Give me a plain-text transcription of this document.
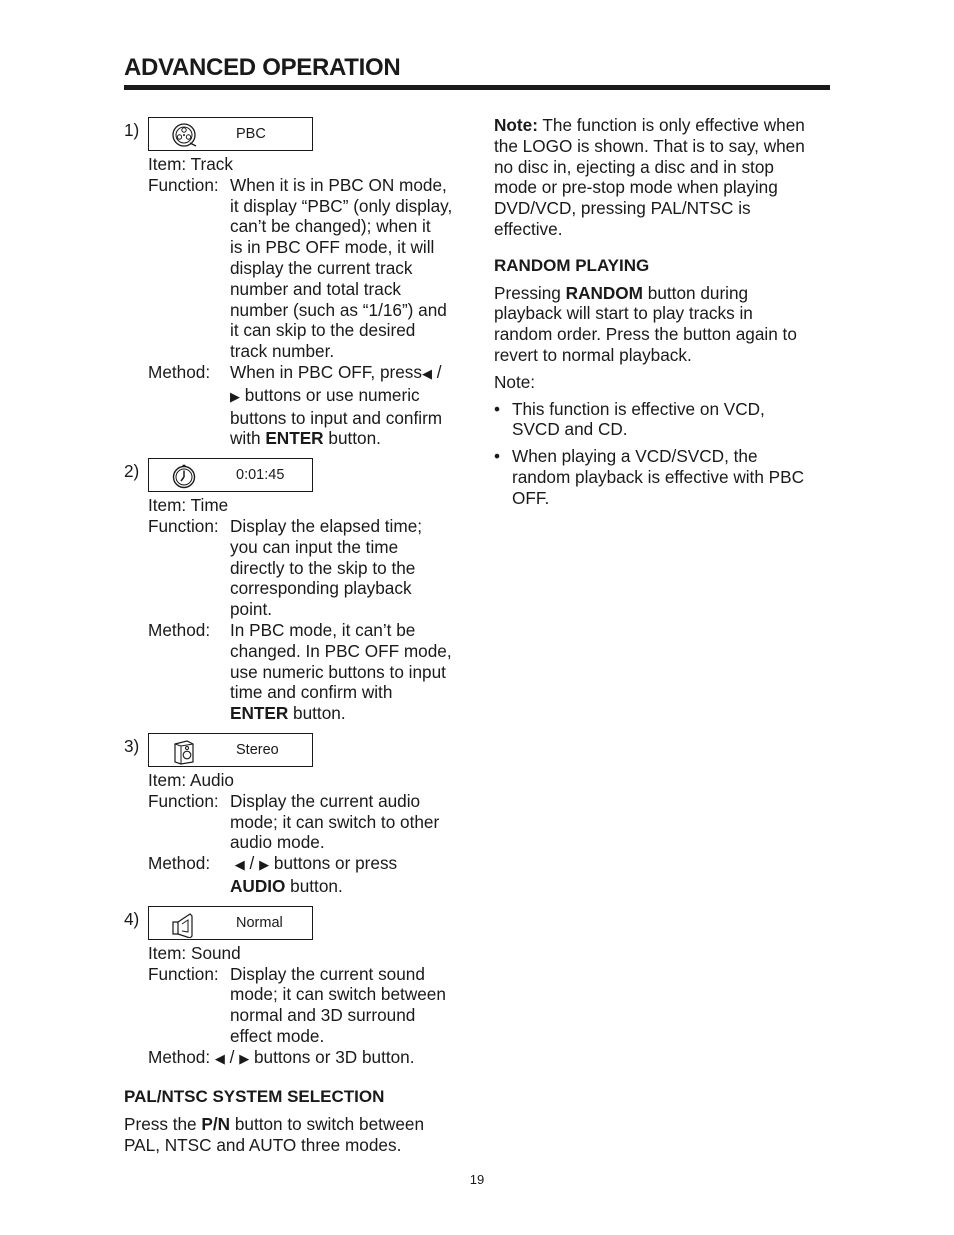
ADVANCED OPERATION
1)	PBC
Item: Track
Function: When it is in PBC ON mode,
it display “PBC” (only display,
can’t be changed); when it
is in PBC OFF mode, it will
display the current track
number and total track
number (such as “1/16”) and
it can skip to the desired
track number.
Method:	When in PBC OFF, press◀ /
▶ buttons or use numeric
buttons to input and confirm
with ENTER button.
2)	0:01:45
Item: Time
Function: Display the elapsed time;
you can input the time
directly to the skip to the
corresponding playback
point.
Method:	In PBC mode, it can’t be
changed. In PBC OFF mode,
use numeric buttons to input
time and confirm with
ENTER button.
3)	Stereo
Item: Audio
Function: Display the current audio
mode; it can switch to other
audio mode.
Method:	◀ / ▶ buttons or press
AUDIO button.
4)	Normal
Item: Sound
Function: Display the current sound
mode; it can switch between
normal and 3D surround
effect mode.
Method: ◀ / ▶ buttons or 3D button.

PAL/NTSC SYSTEM SELECTION

Press the P/N button to switch between

PAL, NTSC and AUTO three modes.

Note: The function is only effective when
the LOGO is shown. That is to say, when
no disc in, ejecting a disc and in stop
mode or pre-stop mode when playing
DVD/VCD, pressing PAL/NTSC is
effective.

RANDOM PLAYING

Pressing RANDOM button during
playback will start to play tracks in
random order. Press the button again to
revert to normal playback.
Note:
• This function is effective on VCD,
SVCD and CD.
• When playing a VCD/SVCD, the
random playback is effective with PBC
OFF.
19
